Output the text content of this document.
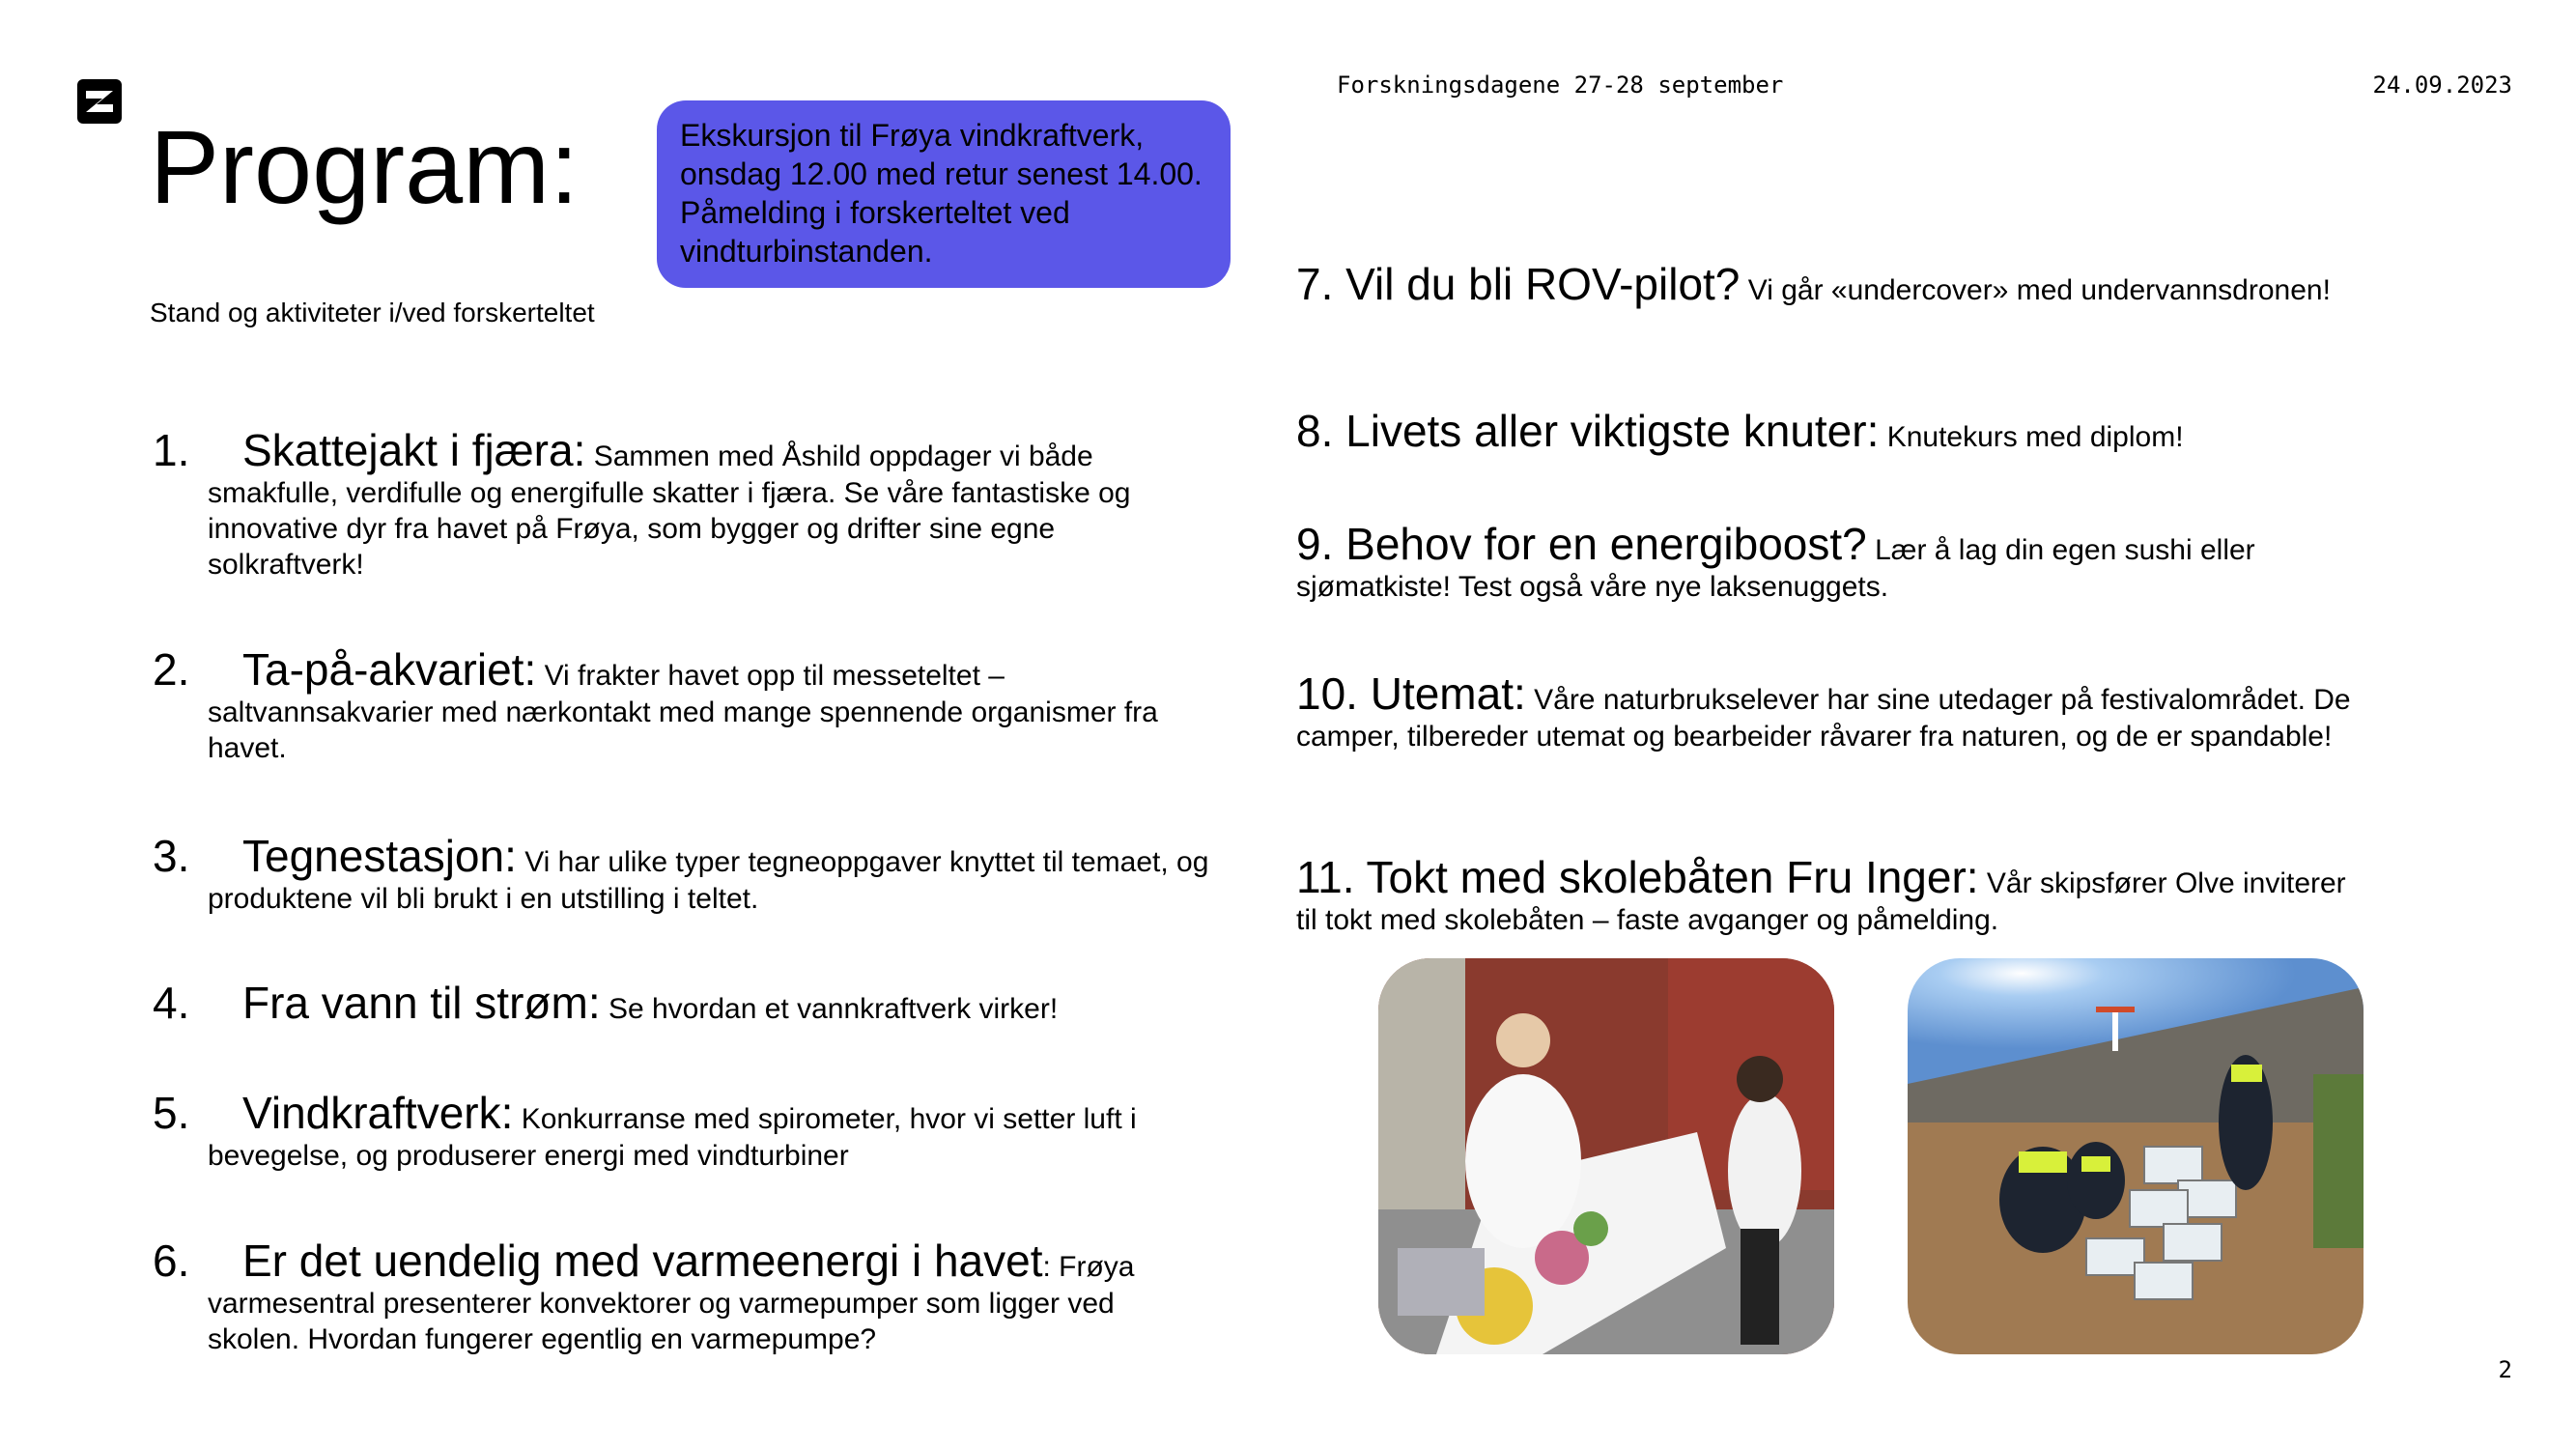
Forskningsdagene 27-28 september	24.09.2023
2
Program:
Stand og aktiviteter i/ved forskerteltet
Ekskursjon til Frøya vindkraftverk, onsdag 12.00 med retur senest 14.00. Påmelding i forskerteltet ved vindturbinstanden.
1. Skattejakt i fjæra: Sammen med Åshild oppdager vi både smakfulle, verdifulle og energifulle skatter i fjæra. Se våre fantastiske og innovative dyr fra havet på Frøya, som bygger og drifter sine egne solkraftverk!
2. Ta-på-akvariet: Vi frakter havet opp til messeteltet – saltvannsakvarier med nærkontakt med mange spennende organismer fra havet.
3. Tegnestasjon: Vi har ulike typer tegneoppgaver knyttet til temaet, og produktene vil bli brukt i en utstilling i teltet.
4. Fra vann til strøm: Se hvordan et vannkraftverk virker!
5. Vindkraftverk: Konkurranse med spirometer, hvor vi setter luft i bevegelse, og produserer energi med vindturbiner
6. Er det uendelig med varmeenergi i havet: Frøya varmesentral presenterer konvektorer og varmepumper som ligger ved skolen. Hvordan fungerer egentlig en varmepumpe?
7. Vil du bli ROV-pilot? Vi går «undercover» med undervannsdronen!
8. Livets aller viktigste knuter: Knutekurs med diplom!
9. Behov for en energiboost? Lær å lag din egen sushi eller sjømatkiste! Test også våre nye laksenuggets.
10. Utemat: Våre naturbrukselever har sine utedager på festivalområdet. De camper, tilbereder utemat og bearbeider råvarer fra naturen, og de er spandable!
11. Tokt med skolebåten Fru Inger: Vår skipsfører Olve inviterer til tokt med skolebåten – faste avganger og påmelding.
